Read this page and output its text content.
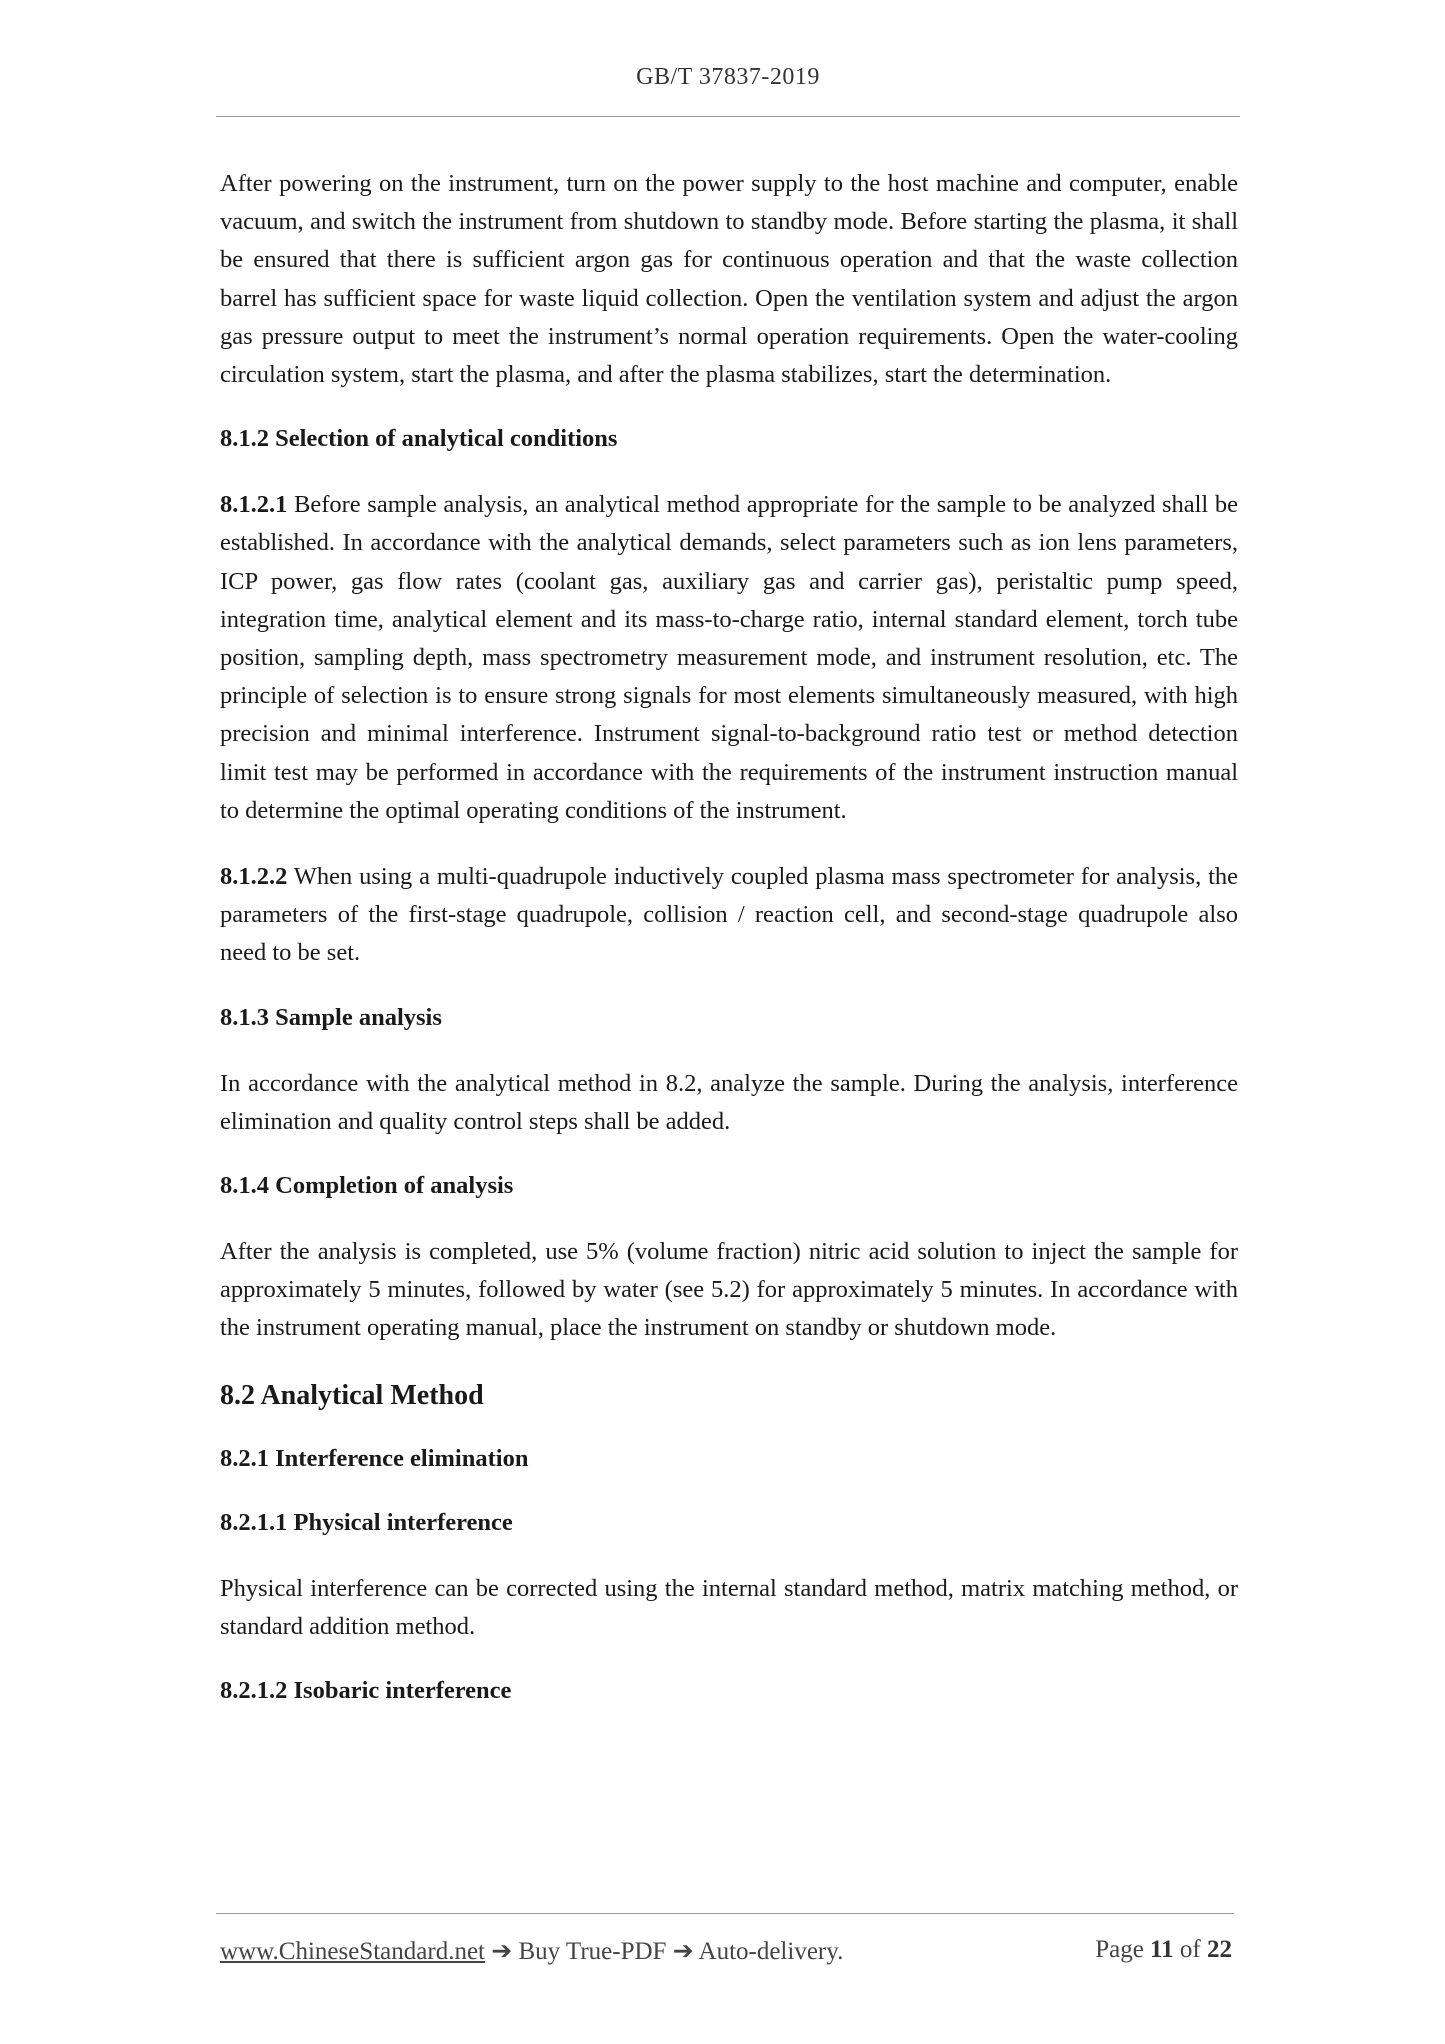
GB/T 37837-2019

After powering on the instrument, turn on the power supply to the host machine and computer, enable vacuum, and switch the instrument from shutdown to standby mode. Before starting the plasma, it shall be ensured that there is sufficient argon gas for continuous operation and that the waste collection barrel has sufficient space for waste liquid collection. Open the ventilation system and adjust the argon gas pressure output to meet the instrument’s normal operation requirements. Open the water-cooling circulation system, start the plasma, and after the plasma stabilizes, start the determination.

8.1.2 Selection of analytical conditions

8.1.2.1 Before sample analysis, an analytical method appropriate for the sample to be analyzed shall be established. In accordance with the analytical demands, select parameters such as ion lens parameters, ICP power, gas flow rates (coolant gas, auxiliary gas and carrier gas), peristaltic pump speed, integration time, analytical element and its mass-to-charge ratio, internal standard element, torch tube position, sampling depth, mass spectrometry measurement mode, and instrument resolution, etc. The principle of selection is to ensure strong signals for most elements simultaneously measured, with high precision and minimal interference. Instrument signal-to-background ratio test or method detection limit test may be performed in accordance with the requirements of the instrument instruction manual to determine the optimal operating conditions of the instrument.

8.1.2.2 When using a multi-quadrupole inductively coupled plasma mass spectrometer for analysis, the parameters of the first-stage quadrupole, collision / reaction cell, and second-stage quadrupole also need to be set.

8.1.3 Sample analysis

In accordance with the analytical method in 8.2, analyze the sample. During the analysis, interference elimination and quality control steps shall be added.

8.1.4 Completion of analysis

After the analysis is completed, use 5% (volume fraction) nitric acid solution to inject the sample for approximately 5 minutes, followed by water (see 5.2) for approximately 5 minutes. In accordance with the instrument operating manual, place the instrument on standby or shutdown mode.

8.2 Analytical Method
8.2.1 Interference elimination
8.2.1.1 Physical interference

Physical interference can be corrected using the internal standard method, matrix matching method, or standard addition method.

8.2.1.2 Isobaric interference
www.ChineseStandard.net ➔ Buy True-PDF ➔ Auto-delivery.	Page 11 of 22
